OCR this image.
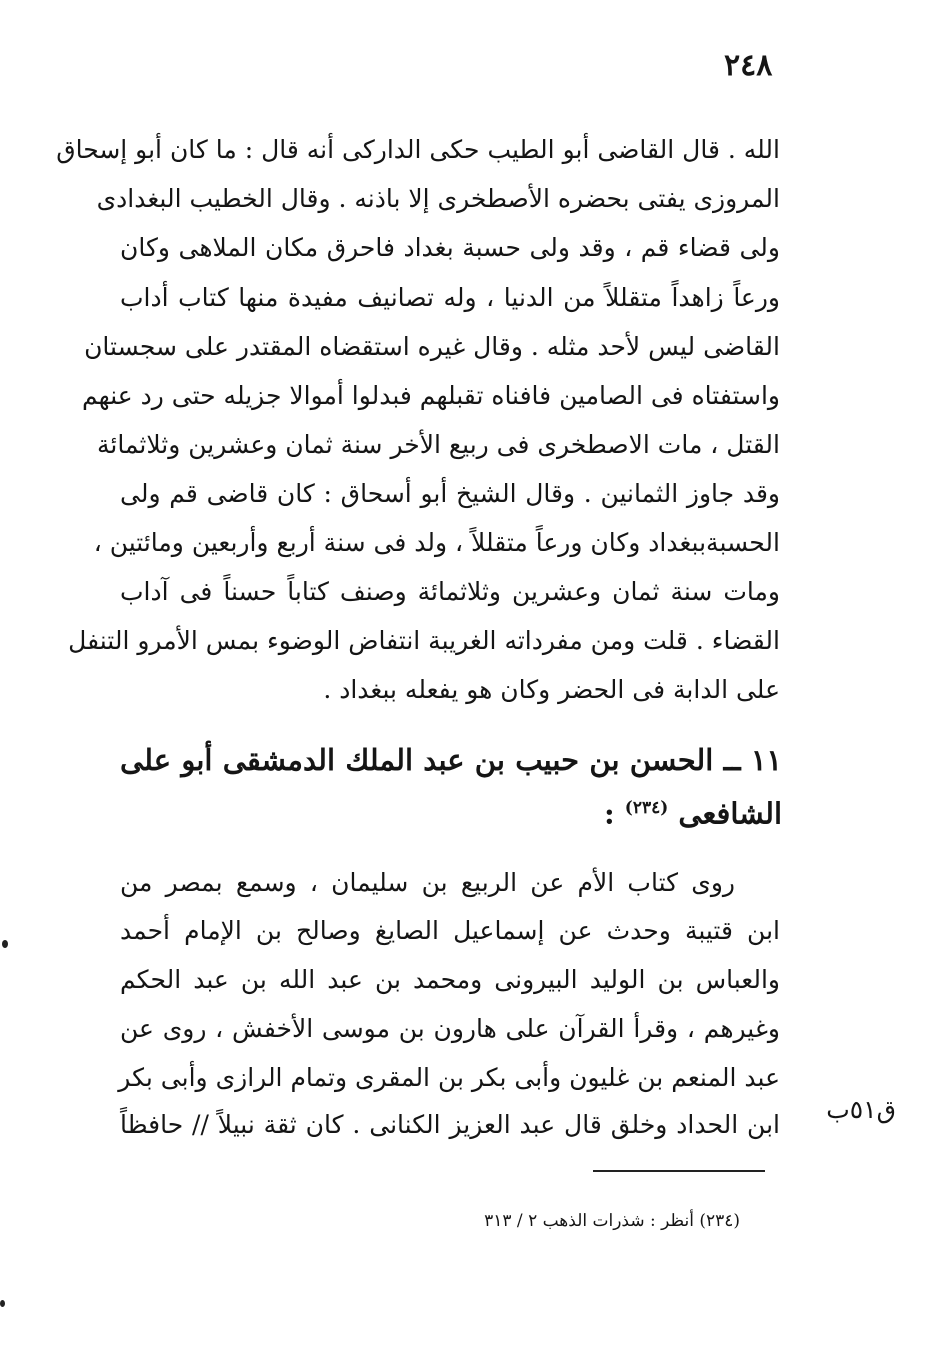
٢٤٨
الله . قال القاضى أبو الطيب حكى الداركى أنه قال : ما كان أبو إسحاق
المروزى يفتى بحضره الأصطخرى إلا باذنه . وقال الخطيب البغدادى
ولى قضاء قم ، وقد ولى حسبة بغداد فاحرق مكان الملاهى وكان
ورعاً زاهداً متقللاً من الدنيا ، وله تصانيف مفيدة منها كتاب أداب
القاضى ليس لأحد مثله . وقال غيره استقضاه المقتدر على سجستان
واستفتاه فى الصامين فافناه تقبلهم فبدلوا أموالا جزيله حتى رد عنهم
القتل ، مات الاصطخرى فى ربيع الأخر سنة ثمان وعشرين وثلاثمائة
وقد جاوز الثمانين . وقال الشيخ أبو أسحاق : كان قاضى قم ولى
الحسبةببغداد وكان ورعاً متقللاً ، ولد فى سنة أربع وأربعين ومائتين ،
ومات سنة ثمان وعشرين وثلاثمائة وصنف كتاباً حسناً فى آداب
القضاء . قلت ومن مفرداته الغريبة انتفاض الوضوء بمس الأمرو التنفل
على الدابة فى الحضر وكان هو يفعله ببغداد .
١١ ــ الحسن بن حبيب بن عبد الملك الدمشقى أبو على
الشافعى $^{(٢٣٤)}$ :
روى كتاب الأم عن الربيع بن سليمان ، وسمع بمصر من
ابن قتيبة وحدث عن إسماعيل الصايغ وصالح بن الإمام أحمد
والعباس بن الوليد البيرونى ومحمد بن عبد الله بن عبد الحكم
وغيرهم ، وقرأ القرآن على هارون بن موسى الأخفش ، روى عن
عبد المنعم بن غليون وأبى بكر بن المقرى وتمام الرازى وأبى بكر
ابن الحداد وخلق قال عبد العزيز الكنانى . كان ثقة نبيلاً // حافظاً
ق٥١ب
(٢٣٤) أنظر : شذرات الذهب ٢ / ٣١٣
